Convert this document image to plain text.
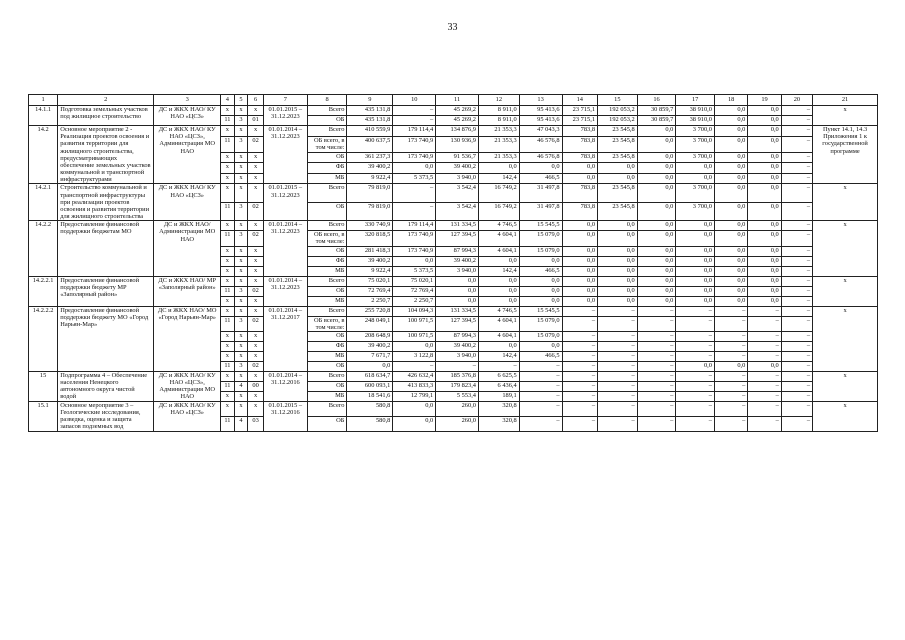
33
1	2	3	4	5	6	7	8	9	10	11	12	13	14	15	16	17	18	19	20	21
14.1.1	Подготовка земельных участков под жилищное строительство	ДС и ЖКХ НАО/ КУ НАО «ЦСЗ»	x	x	x	01.01.2015 – 31.12.2023	Всего	435 131,8	–	45 269,2	8 911,0	95 413,6	23 715,1	192 053,2	30 859,7	38 910,0	0,0	0,0	–	x
			11	3	01		ОБ	435 131,8	–	45 269,2	8 911,0	95 413,6	23 715,1	192 053,2	30 859,7	38 910,0	0,0	0,0	–	
14.2	Основное мероприятие 2 - Реализация проектов освоения и развития территории для жилищного строительства, предусматривающих обеспечение земельных участков коммунальной и транспортной инфраструктурами	ДС и ЖКХ НАО/ КУ НАО «ЦСЗ», Администрация МО НАО	x	x	x	01.01.2014 – 31.12.2023	Всего	410 559,9	179 114,4	134 876,9	21 353,3	47 043,3	783,8	23 545,8	0,0	3 700,0	0,0	0,0	–	Пункт 14.1, 14.3 Приложения 1 к государственной программе
			11	3	02		ОБ всего, в том числе:	400 637,5	173 740,9	130 936,9	21 353,3	46 576,8	783,8	23 545,8	0,0	3 700,0	0,0	0,0	–	
			x	x	x		ОБ	361 237,3	173 740,9	91 536,7	21 353,3	46 576,8	783,8	23 545,8	0,0	3 700,0	0,0	0,0	–	
			x	x	x		ФБ	39 400,2	0,0	39 400,2	0,0	0,0	0,0	0,0	0,0	0,0	0,0	0,0	–	
			x	x	x		МБ	9 922,4	5 373,5	3 940,0	142,4	466,5	0,0	0,0	0,0	0,0	0,0	0,0	–	
14.2.1	Строительство коммунальной и транспортной инфраструктуры при реализации проектов освоения и развития территории для жилищного строительства	ДС и ЖКХ НАО/ КУ НАО «ЦСЗ»	x	x	x	01.01.2015 – 31.12.2023	Всего	79 819,0	–	3 542,4	16 749,2	31 497,8	783,8	23 545,8	0,0	3 700,0	0,0	0,0	–	x
			11	3	02		ОБ	79 819,0	–	3 542,4	16 749,2	31 497,8	783,8	23 545,8	0,0	3 700,0	0,0	0,0	–	
14.2.2	Предоставление финансовой поддержки бюджетам МО	ДС и ЖКХ НАО/ Администрации МО НАО	x	x	x	01.01.2014 – 31.12.2023	Всего	330 740,9	179 114,4	131 334,5	4 746,5	15 545,5	0,0	0,0	0,0	0,0	0,0	0,0	–	x
			11	3	02		ОБ всего, в том числе:	320 818,5	173 740,9	127 394,5	4 604,1	15 079,0	0,0	0,0	0,0	0,0	0,0	0,0	–	
			x	x	x		ОБ	281 418,3	173 740,9	87 994,3	4 604,1	15 079,0	0,0	0,0	0,0	0,0	0,0	0,0	–	
			x	x	x		ФБ	39 400,2	0,0	39 400,2	0,0	0,0	0,0	0,0	0,0	0,0	0,0	0,0	–	
			x	x	x		МБ	9 922,4	5 373,5	3 940,0	142,4	466,5	0,0	0,0	0,0	0,0	0,0	0,0	–	
14.2.2.1	Предоставление финансовой поддержки бюджету МР «Заполярный район»	ДС и ЖКХ НАО/ МР «Заполярный район»	x	x	x	01.01.2014 – 31.12.2023	Всего	75 020,1	75 020,1	0,0	0,0	0,0	0,0	0,0	0,0	0,0	0,0	0,0	–	x
			11	3	02		ОБ	72 769,4	72 769,4	0,0	0,0	0,0	0,0	0,0	0,0	0,0	0,0	0,0	–	
			x	x	x		МБ	2 250,7	2 250,7	0,0	0,0	0,0	0,0	0,0	0,0	0,0	0,0	0,0	–	
14.2.2.2	Предоставление финансовой поддержки бюджету МО «Город Нарьян-Мар»	ДС и ЖКХ НАО/ МО «Город Нарьян-Мар»	x	x	x	01.01.2014 – 31.12.2017	Всего	255 720,8	104 094,3	131 334,5	4 746,5	15 545,5	–	–	–	–	–	–	–	x
			11	3	02		ОБ всего, в том числе:	248 049,1	100 971,5	127 394,5	4 604,1	15 079,0	–	–	–	–	–	–	–	
			x	x	x		ОБ	208 648,9	100 971,5	87 994,3	4 604,1	15 079,0	–	–	–	–	–	–	–	
			x	x	x		ФБ	39 400,2	0,0	39 400,2	0,0	0,0	–	–	–	–	–	–	–	
			x	x	x		МБ	7 671,7	3 122,8	3 940,0	142,4	466,5	–	–	–	–	–	–	–	
			11	3	02		ОБ	0,0	–	–	–	–	–	–	–	0,0	0,0	0,0	–	
15	Подпрограмма 4 – Обеспечение населения Ненецкого автономного округа чистой водой	ДС и ЖКХ НАО/ КУ НАО «ЦСЗ», Администрация МО НАО	x	x	x	01.01.2014 – 31.12.2016	Всего	618 634,7	426 632,4	185 376,8	6 625,5	–	–	–	–	–	–	–	–	x
			11	4	00		ОБ	600 093,1	413 833,3	179 823,4	6 436,4	–	–	–	–	–	–	–	–	
			x	x	x		МБ	18 541,6	12 799,1	5 553,4	189,1	–	–	–	–	–	–	–	–	
15.1	Основное мероприятие 3 – Геологические исследования, разведка, оценка и защита запасов подземных вод	ДС и ЖКХ НАО/ КУ НАО «ЦСЗ»	x	x	x	01.01.2015 – 31.12.2016	Всего	580,8	0,0	260,0	320,8	–	–	–	–	–	–	–	–	x
			11	4	03		ОБ	580,8	0,0	260,0	320,8	–	–	–	–	–	–	–	–	
